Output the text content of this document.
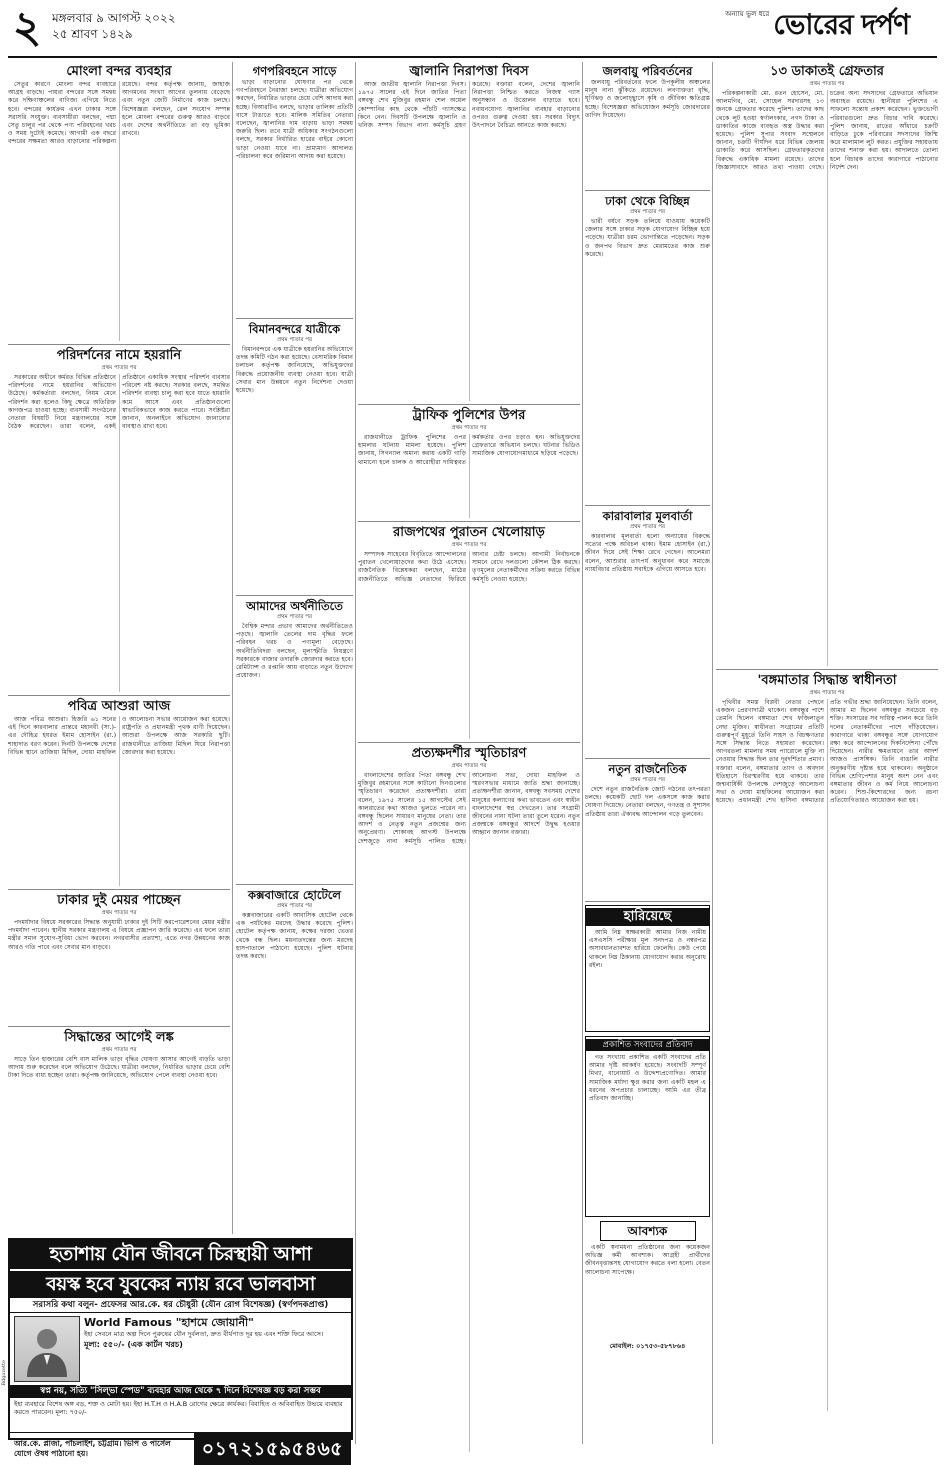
২ মঙ্গলবার ৯ আগস্ট ২০২২
২৫ শ্রাবণ ১৪২৯
অন্যায় ভুল ধরে ভোরের দর্পণ
মোংলা বন্দর ব্যবহার
সেতুর কারণে মোংলা বন্দর ব্যবহারে আগ্রহ বাড়ছে। পায়রা বন্দরের সঙ্গে সমন্বয় করে দক্ষিণাঞ্চলের বাণিজ্য এগিয়ে নিতে হবে। বন্দরের কার্যক্রম এখন ঢাকার সঙ্গে সরাসরি সংযুক্ত। ব্যবসায়ীরা বলছেন, পদ্মা সেতু চালুর পর থেকে পণ্য পরিবহনের খরচ ও সময় দুটোই কমেছে। আগামী এক বছরে বন্দরের সক্ষমতা আরও বাড়ানোর পরিকল্পনা রয়েছে। বন্দর কর্তৃপক্ষ জানায়, জাহাজ আগমনের সংখ্যা আগের তুলনায় বেড়েছে এবং নতুন জেটি নির্মাণের কাজ চলছে। বিশেষজ্ঞরা বলছেন, রেল সংযোগ সম্পন্ন হলে মোংলা বন্দরের গুরুত্ব আরও বাড়বে এবং দেশের অর্থনীতিতে তা বড় ভূমিকা রাখবে।
পরিদর্শনের নামে হয়রানি
প্রথম পাতার পর
সরকারের অধীনে কর্মরত বিভিন্ন প্রতিষ্ঠানে পরিদর্শনের নামে হয়রানির অভিযোগ উঠেছে। কর্মকর্তারা বলছেন, নিয়ম মেনে পরিদর্শন করা হলেও কিছু ক্ষেত্রে অতিরিক্ত কাগজপত্র চাওয়া হচ্ছে। ব্যবসায়ী সংগঠনের নেতারা বিষয়টি নিয়ে মন্ত্রণালয়ের সঙ্গে বৈঠক করেছেন। তারা বলেন, একই প্রতিষ্ঠানে একাধিক সংস্থার পরিদর্শন ব্যবসার পরিবেশ নষ্ট করছে। সরকার বলছে, সমন্বিত পরিদর্শন ব্যবস্থা চালু করা হবে যাতে হয়রানি কমে আসে এবং প্রতিষ্ঠানগুলো স্বাভাবিকভাবে কাজ করতে পারে। সংশ্লিষ্টরা জানান, অনলাইনে অভিযোগ জানানোর ব্যবস্থাও রাখা হবে।
পবিত্র আশুরা আজ
আজ পবিত্র আশুরা। হিজরি ৬১ সনের এই দিনে কারবালার প্রান্তরে মহানবী (সা.)-এর দৌহিত্র হযরত ইমাম হোসাইন (রা.) শাহাদাত বরণ করেন। দিনটি উপলক্ষে দেশের বিভিন্ন স্থানে তাজিয়া মিছিল, দোয়া মাহফিল ও আলোচনা সভার আয়োজন করা হয়েছে। রাষ্ট্রপতি ও প্রধানমন্ত্রী পৃথক বাণী দিয়েছেন। আশুরা উপলক্ষে আজ সরকারি ছুটি। রাজধানীতে তাজিয়া মিছিল ঘিরে নিরাপত্তা জোরদার করা হয়েছে।
ঢাকার দুই মেয়র পাচ্ছেন
প্রথম পাতার পর
পদমর্যাদার বিষয়ে সরকারের সিদ্ধান্ত অনুযায়ী ঢাকার দুই সিটি করপোরেশনের মেয়র মন্ত্রীর পদমর্যাদা পাবেন। স্থানীয় সরকার মন্ত্রণালয় এ বিষয়ে প্রজ্ঞাপন জারি করেছে। এর ফলে তারা মন্ত্রীর সমান সুযোগ-সুবিধা ভোগ করবেন। নগরবাসীর প্রত্যাশা, এতে নগর উন্নয়নের কাজ আরও গতি পাবে এবং সেবার মান বাড়বে।
সিদ্ধান্তের আগেই লঙ্ক
প্রথম পাতার পর
সাড়ে তিন হাজারের বেশি বাস মালিক ভাড়া বৃদ্ধির ঘোষণা আসার আগেই বাড়তি ভাড়া আদায় শুরু করেছেন বলে অভিযোগ উঠেছে। যাত্রীরা বলছেন, নির্ধারিত ভাড়ার চেয়ে বেশি টাকা দিতে বাধ্য হচ্ছেন তারা। কর্তৃপক্ষ জানিয়েছে, অভিযোগ পেলে ব্যবস্থা নেওয়া হবে।
গণপরিবহনে সাড়ে
ভাড়া বাড়ানোর ঘোষণার পর থেকে গণপরিবহনে নৈরাজ্য চলছে। যাত্রীরা অভিযোগ করছেন, নির্ধারিত ভাড়ার চেয়ে বেশি আদায় করা হচ্ছে। বিআরটিএ বলছে, ভাড়ার তালিকা প্রতিটি বাসে টাঙাতে হবে। মালিক সমিতির নেতারা বলেছেন, জ্বালানির দাম বাড়ায় ভাড়া সমন্বয় জরুরি ছিল। তবে যাত্রী অধিকার সংগঠনগুলো বলছে, সরকার নির্ধারিত হারের বাইরে কোনো ভাড়া নেওয়া যাবে না। ভ্রাম্যমাণ আদালত পরিচালনা করে জরিমানা আদায় করা হয়েছে।
বিমানবন্দরে যাত্রীকে
প্রথম পাতার পর
বিমানবন্দরে এক যাত্রীকে হয়রানির অভিযোগে তদন্ত কমিটি গঠন করা হয়েছে। বেসামরিক বিমান চলাচল কর্তৃপক্ষ জানিয়েছে, অভিযুক্তদের বিরুদ্ধে প্রয়োজনীয় ব্যবস্থা নেওয়া হবে। যাত্রী সেবার মান উন্নয়নে নতুন নির্দেশনা দেওয়া হয়েছে।
আমাদের অর্থনীতিতে
প্রথম পাতার পর
বৈশ্বিক মন্দার প্রভাব আমাদের অর্থনীতিতেও পড়ছে। জ্বালানি তেলের দাম বৃদ্ধির ফলে পরিবহন খরচ ও পণ্যমূল্য বেড়েছে। অর্থনীতিবিদরা বলছেন, মূল্যস্ফীতি নিয়ন্ত্রণে সরকারকে বাজার তদারকি জোরদার করতে হবে। রেমিট্যান্স ও রপ্তানি আয় বাড়াতে নতুন উদ্যোগ প্রয়োজন।
কক্সবাজারে হোটেলে
প্রথম পাতার পর
কক্সবাজারের একটি আবাসিক হোটেল থেকে এক পর্যটকের মরদেহ উদ্ধার করেছে পুলিশ। হোটেল কর্তৃপক্ষ জানায়, কক্ষের দরজা ভেতর থেকে বন্ধ ছিল। ময়নাতদন্তের জন্য মরদেহ হাসপাতালে পাঠানো হয়েছে। পুলিশ ঘটনার তদন্ত করছে।
জ্বালানি নিরাপত্তা দিবস
আজ জাতীয় জ্বালানি নিরাপত্তা দিবস। ১৯৭৫ সালের এই দিনে জাতির পিতা বঙ্গবন্ধু শেখ মুজিবুর রহমান শেল অয়েল কোম্পানির কাছ থেকে পাঁচটি গ্যাসক্ষেত্র কিনে নেন। দিবসটি উপলক্ষে জ্বালানি ও খনিজ সম্পদ বিভাগ নানা কর্মসূচি গ্রহণ করেছে। বক্তারা বলেন, দেশের জ্বালানি নিরাপত্তা নিশ্চিত করতে নিজস্ব গ্যাস অনুসন্ধান ও উত্তোলন বাড়াতে হবে। নবায়নযোগ্য জ্বালানির ব্যবহার বাড়ানোর ওপরও গুরুত্ব দেওয়া হয়। সরকার বিদ্যুৎ উৎপাদনে বৈচিত্র্য আনতে কাজ করছে।
ট্রাফিক পুলিশের উপর
প্রথম পাতার পর
রাজধানীতে ট্রাফিক পুলিশের ওপর হামলার ঘটনায় মামলা হয়েছে। পুলিশ জানায়, সিগন্যাল অমান্য করায় একটি গাড়ি থামানো হলে চালক ও আরোহীরা দায়িত্বরত কর্মকর্তার ওপর চড়াও হন। অভিযুক্তদের গ্রেফতারে অভিযান চলছে। ঘটনার ভিডিও সামাজিক যোগাযোগমাধ্যমে ছড়িয়ে পড়েছে।
রাজপথের পুরাতন খেলোয়াড়
প্রথম পাতার পর
সম্পাদক সাহেবের বিবৃতিতে আন্দোলনের পুরাতন খেলোয়াড়দের কথা উঠে এসেছে। রাজনৈতিক বিশ্লেষকরা বলছেন, মাঠের রাজনীতিতে অভিজ্ঞ নেতাদের ফিরিয়ে আনার চেষ্টা চলছে। আগামী নির্বাচনকে সামনে রেখে দলগুলো কৌশল ঠিক করছে। তৃণমূলের নেতাকর্মীদের সক্রিয় করতে বিভিন্ন কর্মসূচি নেওয়া হয়েছে।
প্রত্যক্ষদর্শীর স্মৃতিচারণ
প্রথম পাতার পর
বাংলাদেশের জাতির পিতা বঙ্গবন্ধু শেখ মুজিবুর রহমানের সঙ্গে কাটানো দিনগুলোর স্মৃতিচারণ করেছেন প্রত্যক্ষদর্শীরা। তারা বলেন, ১৯৭৫ সালের ১৫ আগস্টের সেই কালরাতের কথা আজও ভুলতে পারেন না। বঙ্গবন্ধু ছিলেন সাধারণ মানুষের নেতা। তার আদর্শ ও নেতৃত্ব নতুন প্রজন্মের জন্য অনুপ্রেরণা। শোকাবহ আগস্ট উপলক্ষে দেশজুড়ে নানা কর্মসূচি পালিত হচ্ছে। আলোচনা সভা, দোয়া মাহফিল ও স্মরণসভার মাধ্যমে জাতি শ্রদ্ধা জানাচ্ছে। প্রত্যক্ষদর্শীরা জানান, বঙ্গবন্ধু সবসময় দেশের মানুষের কল্যাণের কথা ভাবতেন এবং স্বাধীন বাংলাদেশের স্বপ্ন দেখতেন। তার সংগ্রামী জীবনের নানা ঘটনা তারা তুলে ধরেন। নতুন প্রজন্মকে বঙ্গবন্ধুর আদর্শে উদ্বুদ্ধ হওয়ার আহ্বান জানান বক্তারা।
জলবায়ু পরিবর্তনের
জলবায়ু পরিবর্তনের ফলে উপকূলীয় অঞ্চলের মানুষ নানা ঝুঁকিতে রয়েছেন। লবণাক্ততা বৃদ্ধি, ঘূর্ণিঝড় ও জলোচ্ছ্বাসে কৃষি ও জীবিকা ক্ষতিগ্রস্ত হচ্ছে। বিশেষজ্ঞরা অভিযোজন কর্মসূচি জোরদারের তাগিদ দিয়েছেন।
ঢাকা থেকে বিচ্ছিন্ন
প্রথম পাতার পর
ভারী বর্ষণে সড়ক তলিয়ে যাওয়ায় কয়েকটি জেলার সঙ্গে ঢাকার সড়ক যোগাযোগ বিচ্ছিন্ন হয়ে পড়েছে। যাত্রীরা চরম ভোগান্তিতে পড়েছেন। সড়ক ও জনপথ বিভাগ দ্রুত মেরামতের কাজ শুরু করেছে।
কারাবালার মূলবার্তা
প্রথম পাতার পর
কারবালার মূলবার্তা হলো অন্যায়ের বিরুদ্ধে সত্যের পক্ষে অবিচল থাকা। ইমাম হোসাইন (রা.) জীবন দিয়ে সেই শিক্ষা রেখে গেছেন। আলেমরা বলেন, আশুরার তাৎপর্য অনুধাবন করে সমাজে ন্যায়বিচার প্রতিষ্ঠায় সবাইকে এগিয়ে আসতে হবে।
নতুন রাজনৈতিক
প্রথম পাতার পর
দেশে নতুন রাজনৈতিক জোট গঠনের তৎপরতা চলছে। কয়েকটি ছোট দল একসঙ্গে কাজ করার ঘোষণা দিয়েছে। নেতারা বলছেন, গণতন্ত্র ও সুশাসন প্রতিষ্ঠায় তারা ঐক্যবদ্ধ আন্দোলন গড়ে তুলবেন।
হারিয়েছে
আমি নিম্ন স্বাক্ষরকারী আমার নিজ নামীয় এসএসসি পরীক্ষার মূল সনদপত্র ও নম্বরপত্র অসাবধানতাবশত হারিয়ে ফেলেছি। কেউ পেয়ে থাকলে নিম্ন ঠিকানায় যোগাযোগ করার অনুরোধ রইল।
প্রকাশিত সংবাদের প্রতিবাদ
গত সংখ্যায় প্রকাশিত একটি সংবাদের প্রতি আমার দৃষ্টি আকর্ষণ হয়েছে। সংবাদটি সম্পূর্ণ মিথ্যা, বানোয়াট ও উদ্দেশ্যপ্রণোদিত। আমার সামাজিক মর্যাদা ক্ষুণ্ণ করার জন্য একটি মহল এ ধরনের অপপ্রচার চালাচ্ছে। আমি এর তীব্র প্রতিবাদ জানাচ্ছি।
আবশ্যক
একটি স্বনামধন্য প্রতিষ্ঠানের জন্য কয়েকজন অভিজ্ঞ কর্মী আবশ্যক। আগ্রহী প্রার্থীদের জীবনবৃত্তান্তসহ যোগাযোগ করতে বলা হলো। বেতন আলোচনা সাপেক্ষে।
মোবাইল: ০১৭৫৩-৫৮৭৮৬৪
১৩ ডাকাতই গ্রেফতার
প্রথম পাতার পর
পরিকল্পনাকারী মো. রতন হোসেন, মো. আলমগির, মো. সোহেল সরদারসহ ১৩ জনকে গ্রেফতার করেছে পুলিশ। তাদের কাছ থেকে লুট হওয়া স্বর্ণালংকার, নগদ টাকা ও ডাকাতির কাজে ব্যবহৃত অস্ত্র উদ্ধার করা হয়েছে। পুলিশ সুপার সংবাদ সম্মেলনে জানান, চক্রটি দীর্ঘদিন ধরে বিভিন্ন জেলায় ডাকাতি করে আসছিল। গ্রেফতারকৃতদের বিরুদ্ধে একাধিক মামলা রয়েছে। তাদের জিজ্ঞাসাবাদে আরও তথ্য পাওয়া গেছে। চক্রের অন্য সদস্যদের গ্রেফতারে অভিযান অব্যাহত রয়েছে। স্থানীয়রা পুলিশের এ সাফল্যে সন্তোষ প্রকাশ করেছেন। ভুক্তভোগী পরিবারগুলো দ্রুত বিচার দাবি করেছে। পুলিশ জানায়, রাতের আঁধারে চক্রটি বাড়িতে ঢুকে পরিবারের সদস্যদের জিম্মি করে মালামাল লুট করত। প্রযুক্তির সহায়তায় তাদের শনাক্ত করা হয়। আদালতে তোলা হলে বিচারক তাদের কারাগারে পাঠানোর নির্দেশ দেন।
'বঙ্গমাতার সিদ্ধান্ত স্বাধীনতা
প্রথম পাতার পর
পৃথিবীর সমস্ত বিপ্লবী নেতার পেছনে একজন প্রেরণাদাত্রী থাকেন। বঙ্গবন্ধুর পাশে তেমনি ছিলেন বঙ্গমাতা শেখ ফজিলাতুন নেছা মুজিব। স্বাধীনতা সংগ্রামের প্রতিটি গুরুত্বপূর্ণ মুহূর্তে তিনি সাহস ও বিচক্ষণতার সঙ্গে সিদ্ধান্ত নিতে সহায়তা করেছেন। আগরতলা মামলার সময় প্যারোলে মুক্তি না নেওয়ার সিদ্ধান্ত ছিল তার দূরদর্শিতার প্রমাণ। বক্তারা বলেন, বঙ্গমাতার ত্যাগ ও অবদান ইতিহাসে চিরস্মরণীয় হয়ে থাকবে। তার জন্মবার্ষিকী উপলক্ষে দেশজুড়ে আলোচনা সভা ও দোয়া মাহফিলের আয়োজন করা হয়েছে। প্রধানমন্ত্রী শেখ হাসিনা বঙ্গমাতার প্রতি গভীর শ্রদ্ধা জানিয়েছেন। তিনি বলেন, আমার মা ছিলেন বঙ্গবন্ধুর সবচেয়ে বড় শক্তি। সংসারের সব দায়িত্ব পালন করে তিনি দলের নেতাকর্মীদের পাশে দাঁড়িয়েছেন। কারাগারে থাকা বঙ্গবন্ধুর সঙ্গে যোগাযোগ রক্ষা করে আন্দোলনের দিকনির্দেশনা পৌঁছে দিয়েছেন। নারীর ক্ষমতায়নে তার আদর্শ আজও প্রাসঙ্গিক। তিনি বাঙালি নারীর অনুকরণীয় দৃষ্টান্ত হয়ে থাকবেন। অনুষ্ঠানে বিভিন্ন শ্রেণিপেশার মানুষ অংশ নেন এবং বঙ্গমাতার জীবন ও কর্ম নিয়ে আলোচনা করেন। শিশু-কিশোরদের জন্য রচনা প্রতিযোগিতারও আয়োজন করা হয়।
হতাশায় যৌন জীবনে চিরস্থায়ী আশা
বয়স্ক হবে যুবকের ন্যায় রবে ভালবাসা
সরাসরি কথা বলুন- প্রফেসর আর.কে. ধর চৌধুরী (যৌন রোগ বিশেষজ্ঞ) (স্বর্ণপদকপ্রাপ্ত)
World Famous "হাশমে জোয়ানী"
ইহা সেবনে মাত্র অল্প দিনে পুরুষের যৌন দুর্বলতা, দ্রুত বীর্যপাত দূর হয় এবং শক্তি ফিরে আসে।
মূল্য: ৫৫০/- (এক কার্টন খরচ)
স্বপ্ন নয়, সত্যি "সিল্ভা স্পেড" ব্যবহার আজ থেকে ৭ দিনে বিশেষজ্ঞ বড় করা সম্ভব
ইহা ব্যবহারে বিশেষ অঙ্গ বড়, শক্ত ও মোটা হয়। ইহা H.T.H ও H.A.B রোগের ক্ষেত্রে কার্যকর। বিবাহিত ও অবিবাহিত উভয়ে ব্যবহার করতে পারবেন। মূল্য: ৭৫০/-
আর.কে. প্লাজা, পাঁচলাইশ, চট্টগ্রাম। ভিপি ও পার্সেল যোগে ঔষধ পাঠানো হয়।	০১৭২১৫৯৫৪৬৫
Bdgazette
